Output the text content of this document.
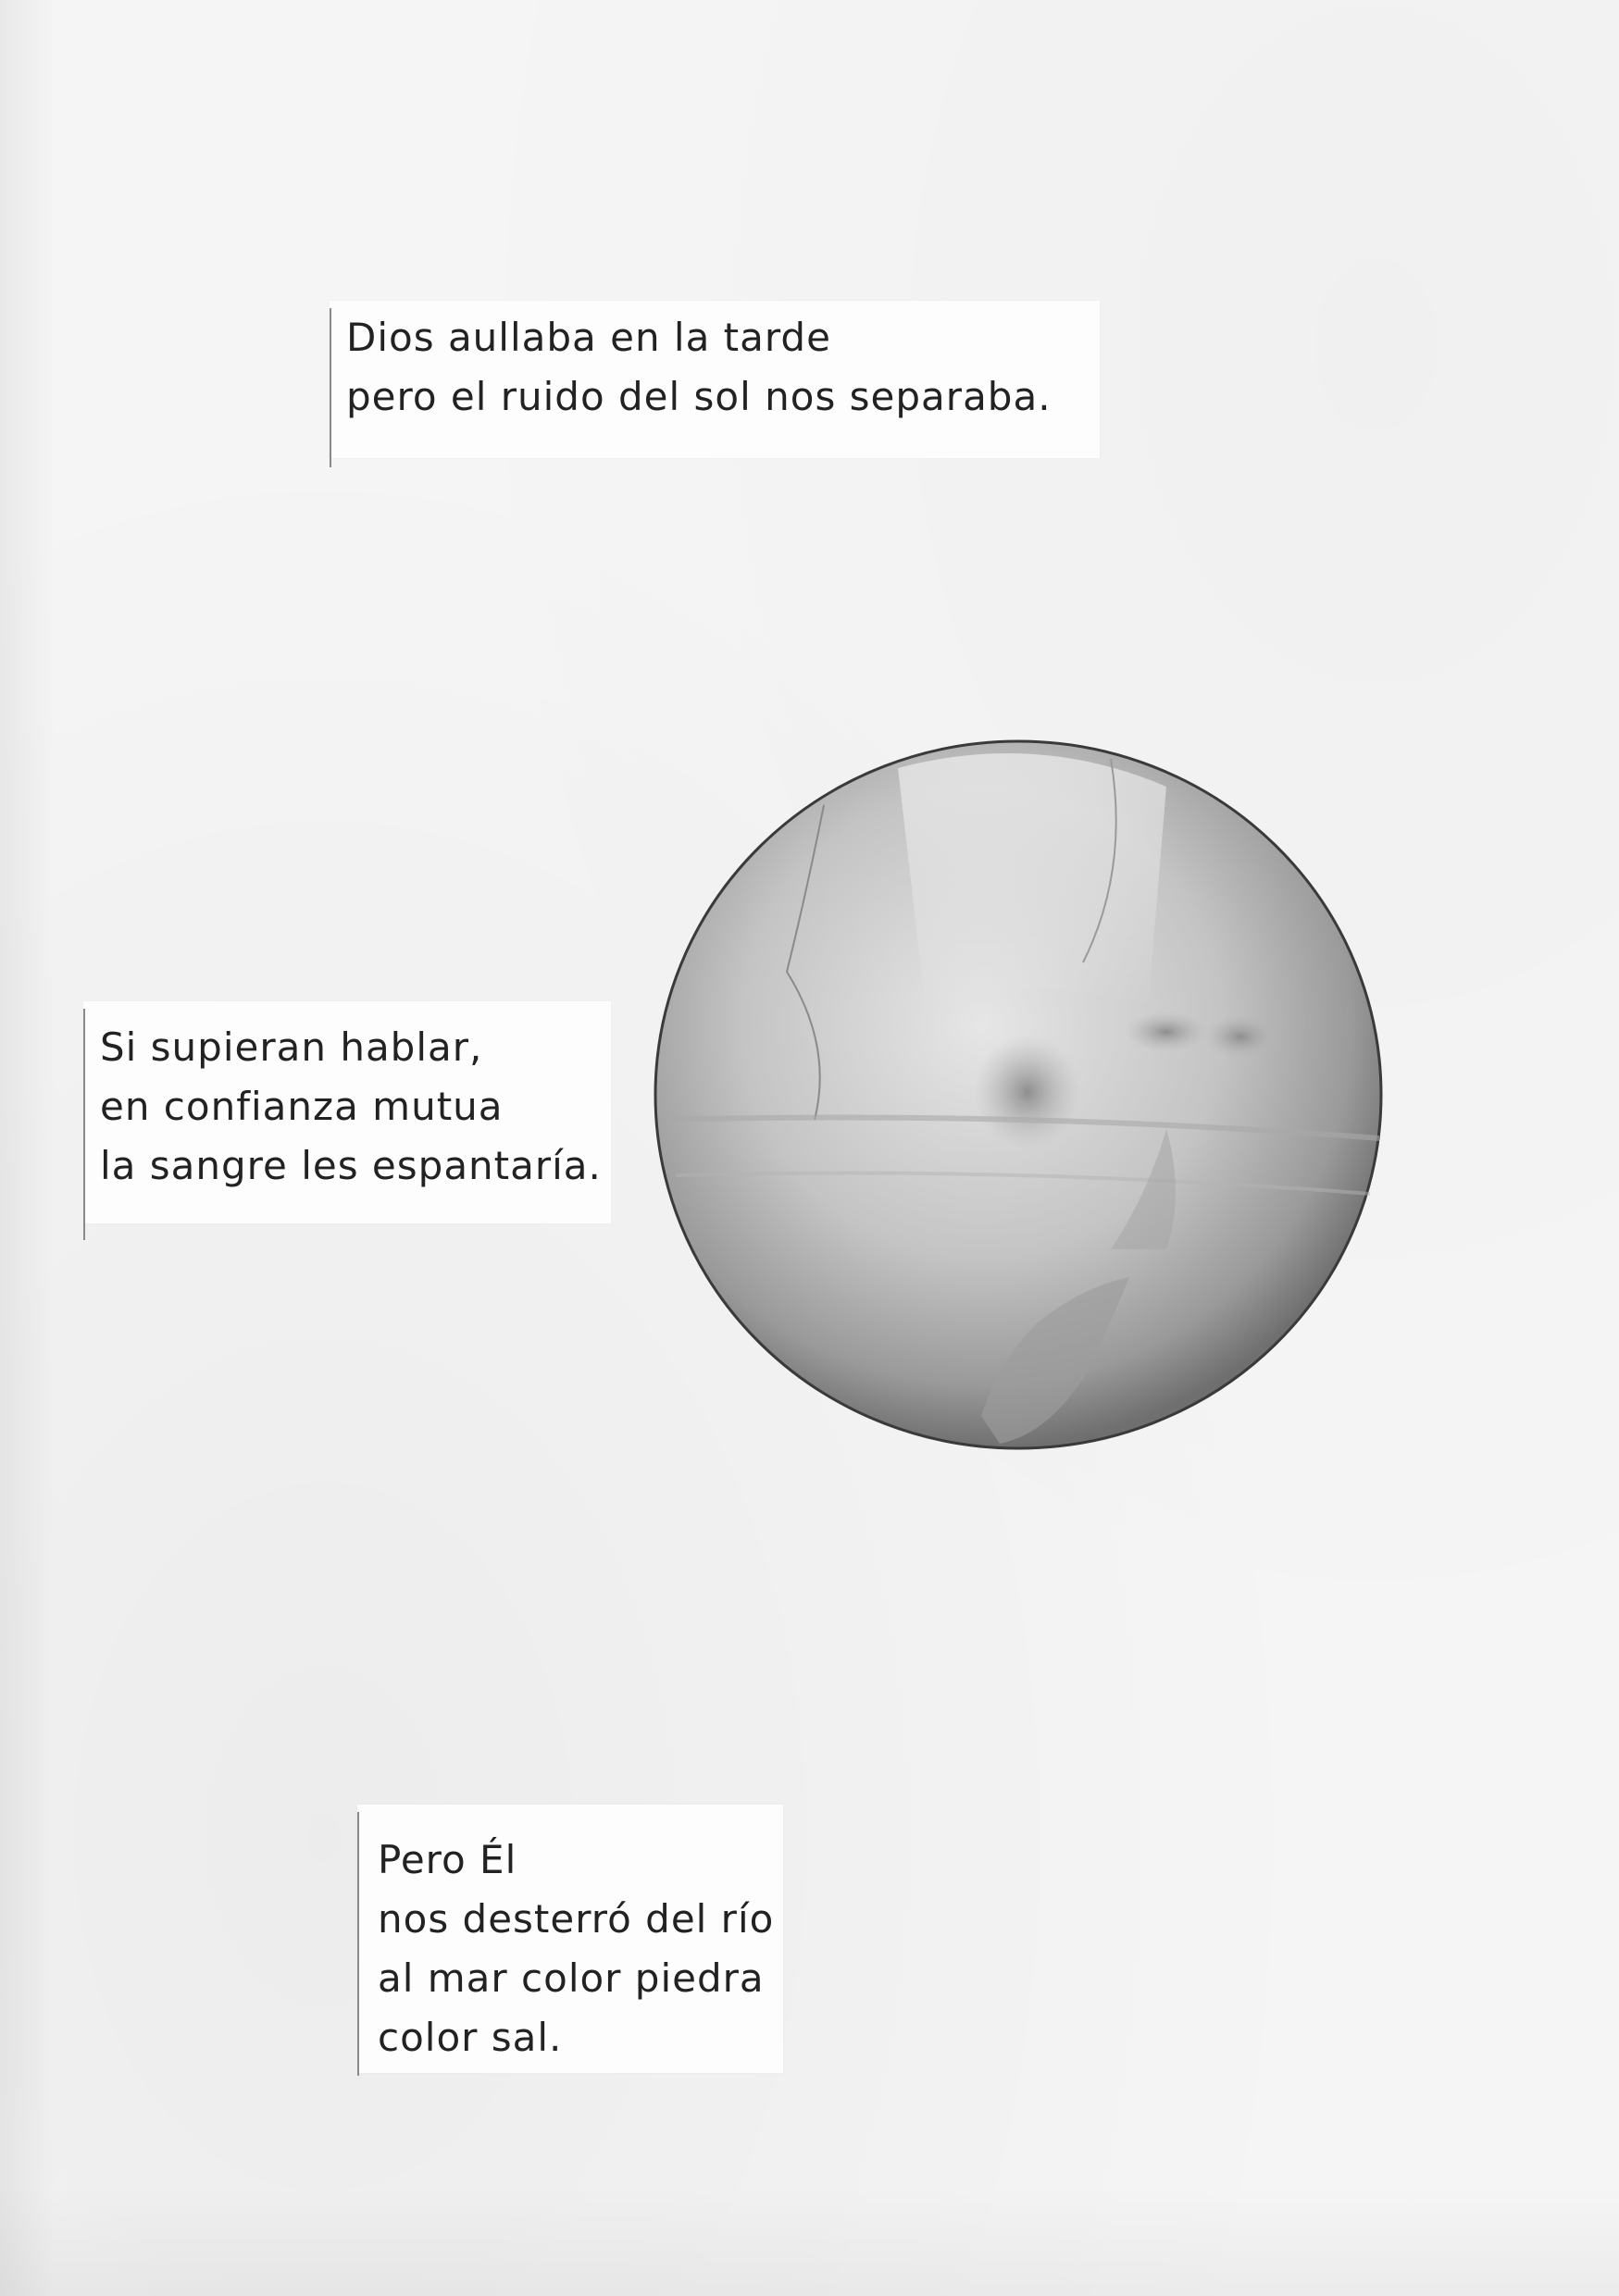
Dios aullaba en la tarde
pero el ruido del sol nos separaba.
Si supieran hablar,
en confianza mutua
la sangre les espantaría.
Pero Él
nos desterró del río
al mar color piedra
color sal.
